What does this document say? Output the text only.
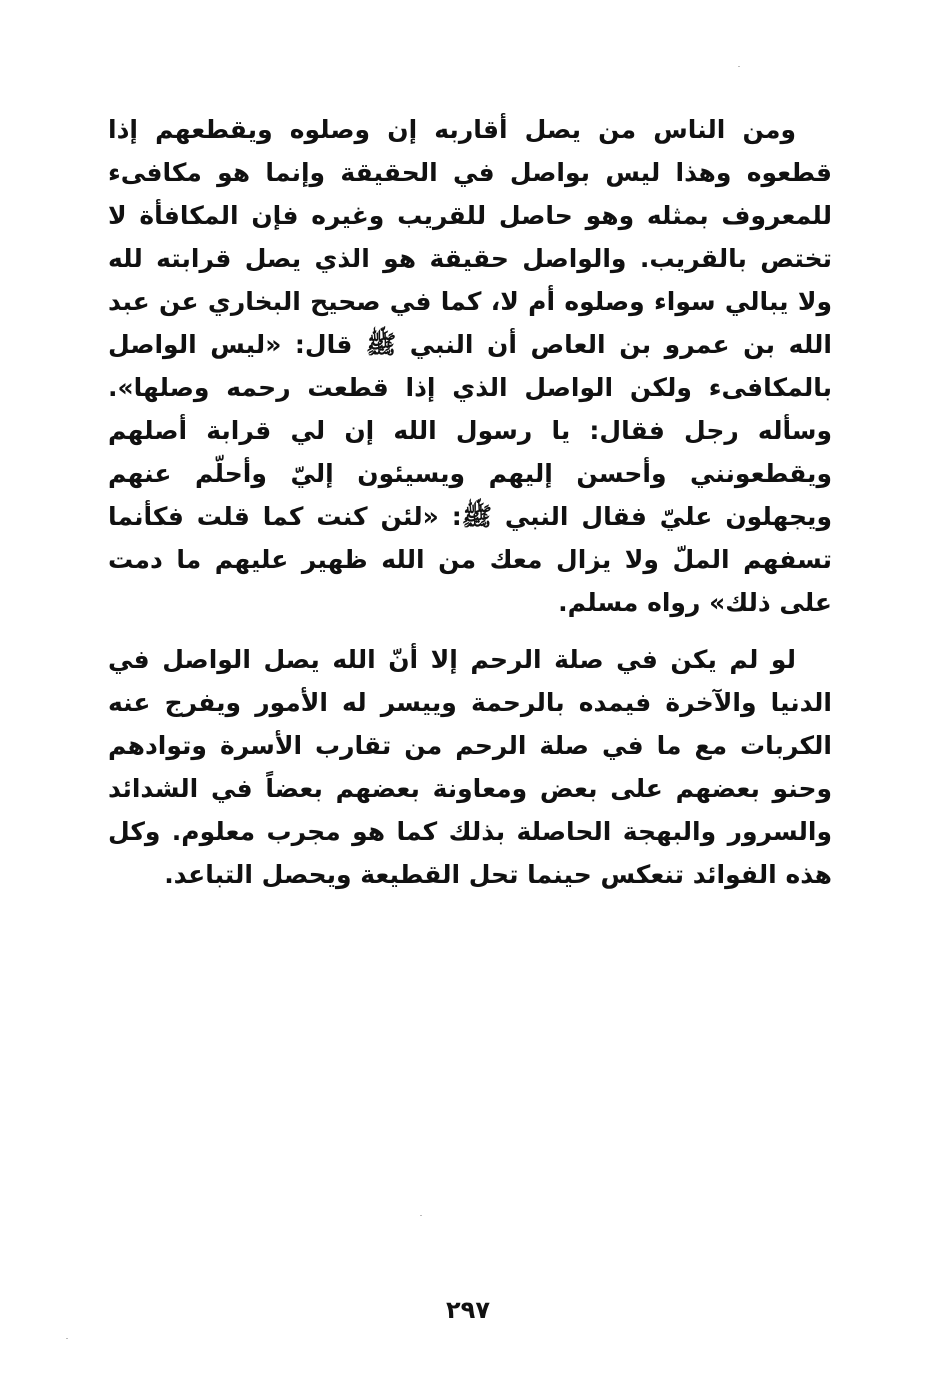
ومن الناس من يصل أقاربه إن وصلوه ويقطعهم إذا قطعوه وهذا ليس بواصل في الحقيقة وإنما هو مكافىء للمعروف بمثله وهو حاصل للقريب وغيره فإن المكافأة لا تختص بالقريب. والواصل حقيقة هو الذي يصل قرابته لله ولا يبالي سواء وصلوه أم لا، كما في صحيح البخاري عن عبد الله بن عمرو بن العاص أن النبي ﷺ قال: «ليس الواصل بالمكافىء ولكن الواصل الذي إذا قطعت رحمه وصلها». وسأله رجل فقال: يا رسول الله إن لي قرابة أصلهم ويقطعونني وأحسن إليهم ويسيئون إليّ وأحلّم عنهم ويجهلون عليّ فقال النبي ﷺ: «لئن كنت كما قلت فكأنما تسفهم الملّ ولا يزال معك من الله ظهير عليهم ما دمت على ذلك» رواه مسلم.

لو لم يكن في صلة الرحم إلا أنّ الله يصل الواصل في الدنيا والآخرة فيمده بالرحمة وييسر له الأمور ويفرج عنه الكربات مع ما في صلة الرحم من تقارب الأسرة وتوادهم وحنو بعضهم على بعض ومعاونة بعضهم بعضاً في الشدائد والسرور والبهجة الحاصلة بذلك كما هو مجرب معلوم. وكل هذه الفوائد تنعكس حينما تحل القطيعة ويحصل التباعد.

٢٩٧
